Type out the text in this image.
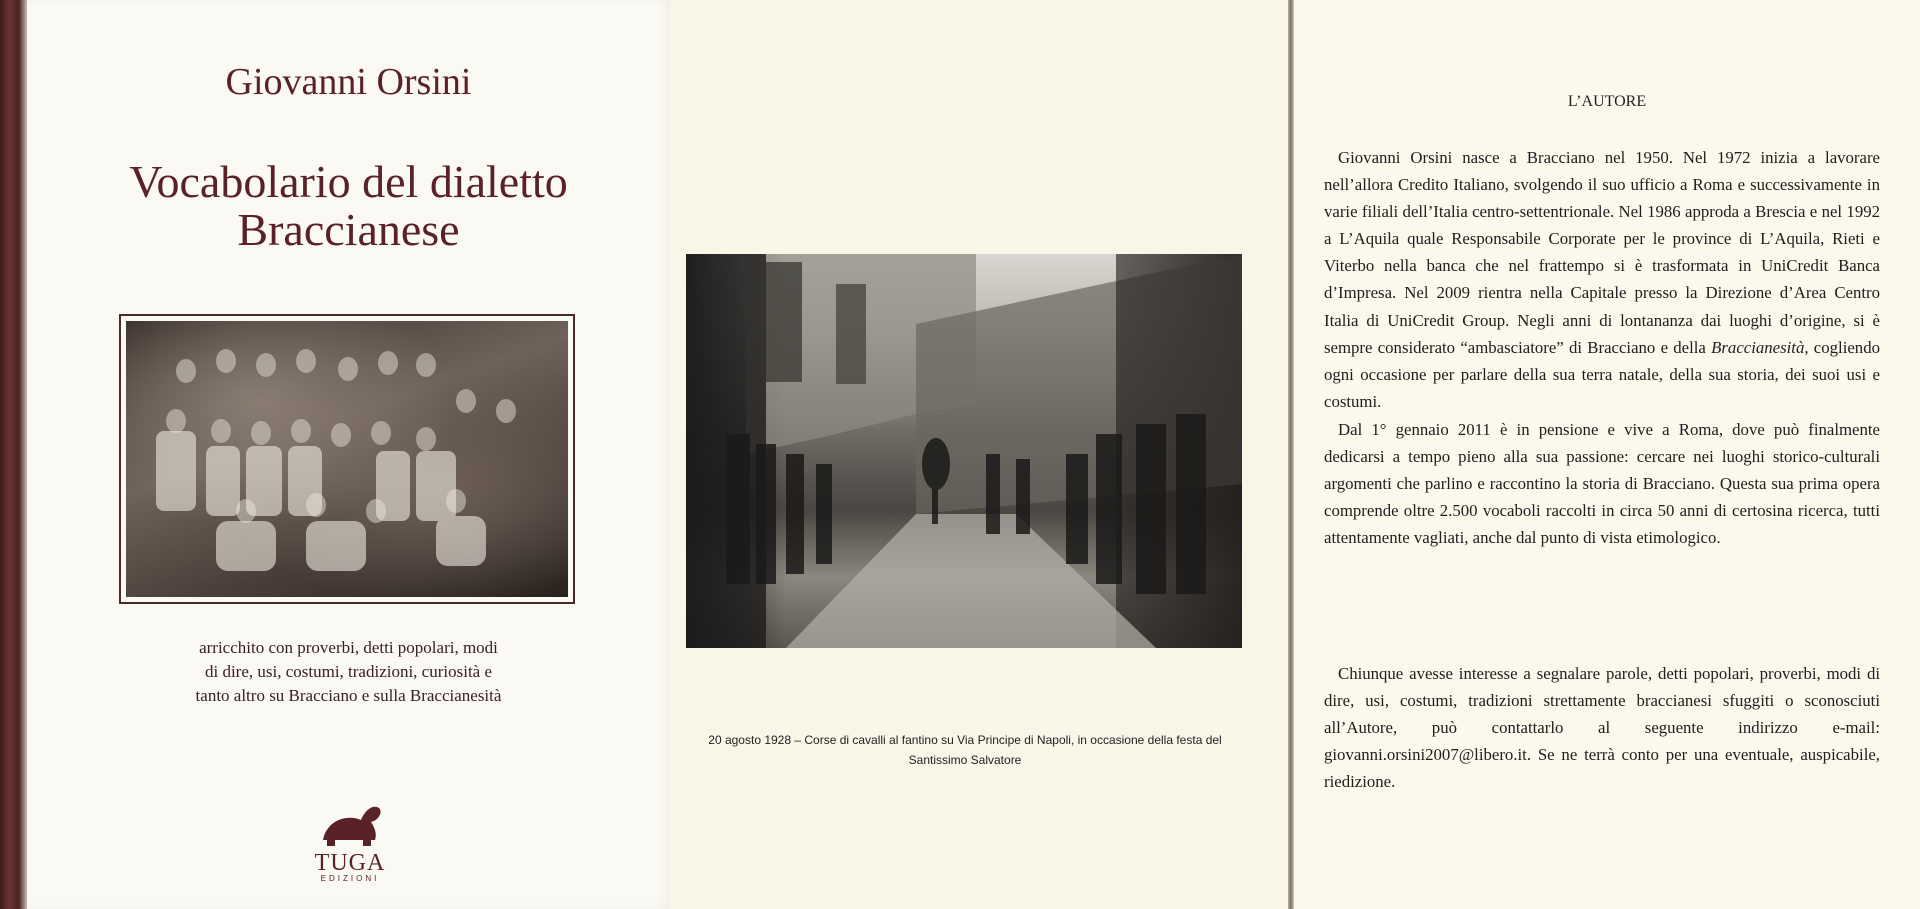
Giovanni Orsini
Vocabolario del dialetto
Braccianese
arricchito con proverbi, detti popolari, modi
di dire, usi, costumi, tradizioni, curiosità e
tanto altro su Bracciano e sulla Braccianesità
TUGA
EDIZIONI
20 agosto 1928 – Corse di cavalli al fantino su Via Principe di Napoli, in occasione della festa del
Santissimo Salvatore
L’AUTORE
Giovanni Orsini nasce a Bracciano nel 1950. Nel 1972 inizia a lavorare nell’allora Credito Italiano, svolgendo il suo ufficio a Roma e successivamente in varie filiali dell’Italia centro-settentrionale. Nel 1986 approda a Brescia e nel 1992 a L’Aquila quale Responsabile Corporate per le province di L’Aquila, Rieti e Viterbo nella banca che nel frattempo si è trasformata in UniCredit Banca d’Impresa. Nel 2009 rientra nella Capitale presso la Direzione d’Area Centro Italia di UniCredit Group. Negli anni di lontananza dai luoghi d’origine, si è sempre considerato “ambasciatore” di Bracciano e della Braccianesità, cogliendo ogni occasione per parlare della sua terra natale, della sua storia, dei suoi usi e costumi.
Dal 1° gennaio 2011 è in pensione e vive a Roma, dove può finalmente dedicarsi a tempo pieno alla sua passione: cercare nei luoghi storico-culturali argomenti che parlino e raccontino la storia di Bracciano. Questa sua prima opera comprende oltre 2.500 vocaboli raccolti in circa 50 anni di certosina ricerca, tutti attentamente vagliati, anche dal punto di vista etimologico.
Chiunque avesse interesse a segnalare parole, detti popolari, proverbi, modi di dire, usi, costumi, tradizioni strettamente braccianesi sfuggiti o sconosciuti all’Autore, può contattarlo al seguente indirizzo e-mail: giovanni.orsini2007@libero.it. Se ne terrà conto per una eventuale, auspicabile, riedizione.
